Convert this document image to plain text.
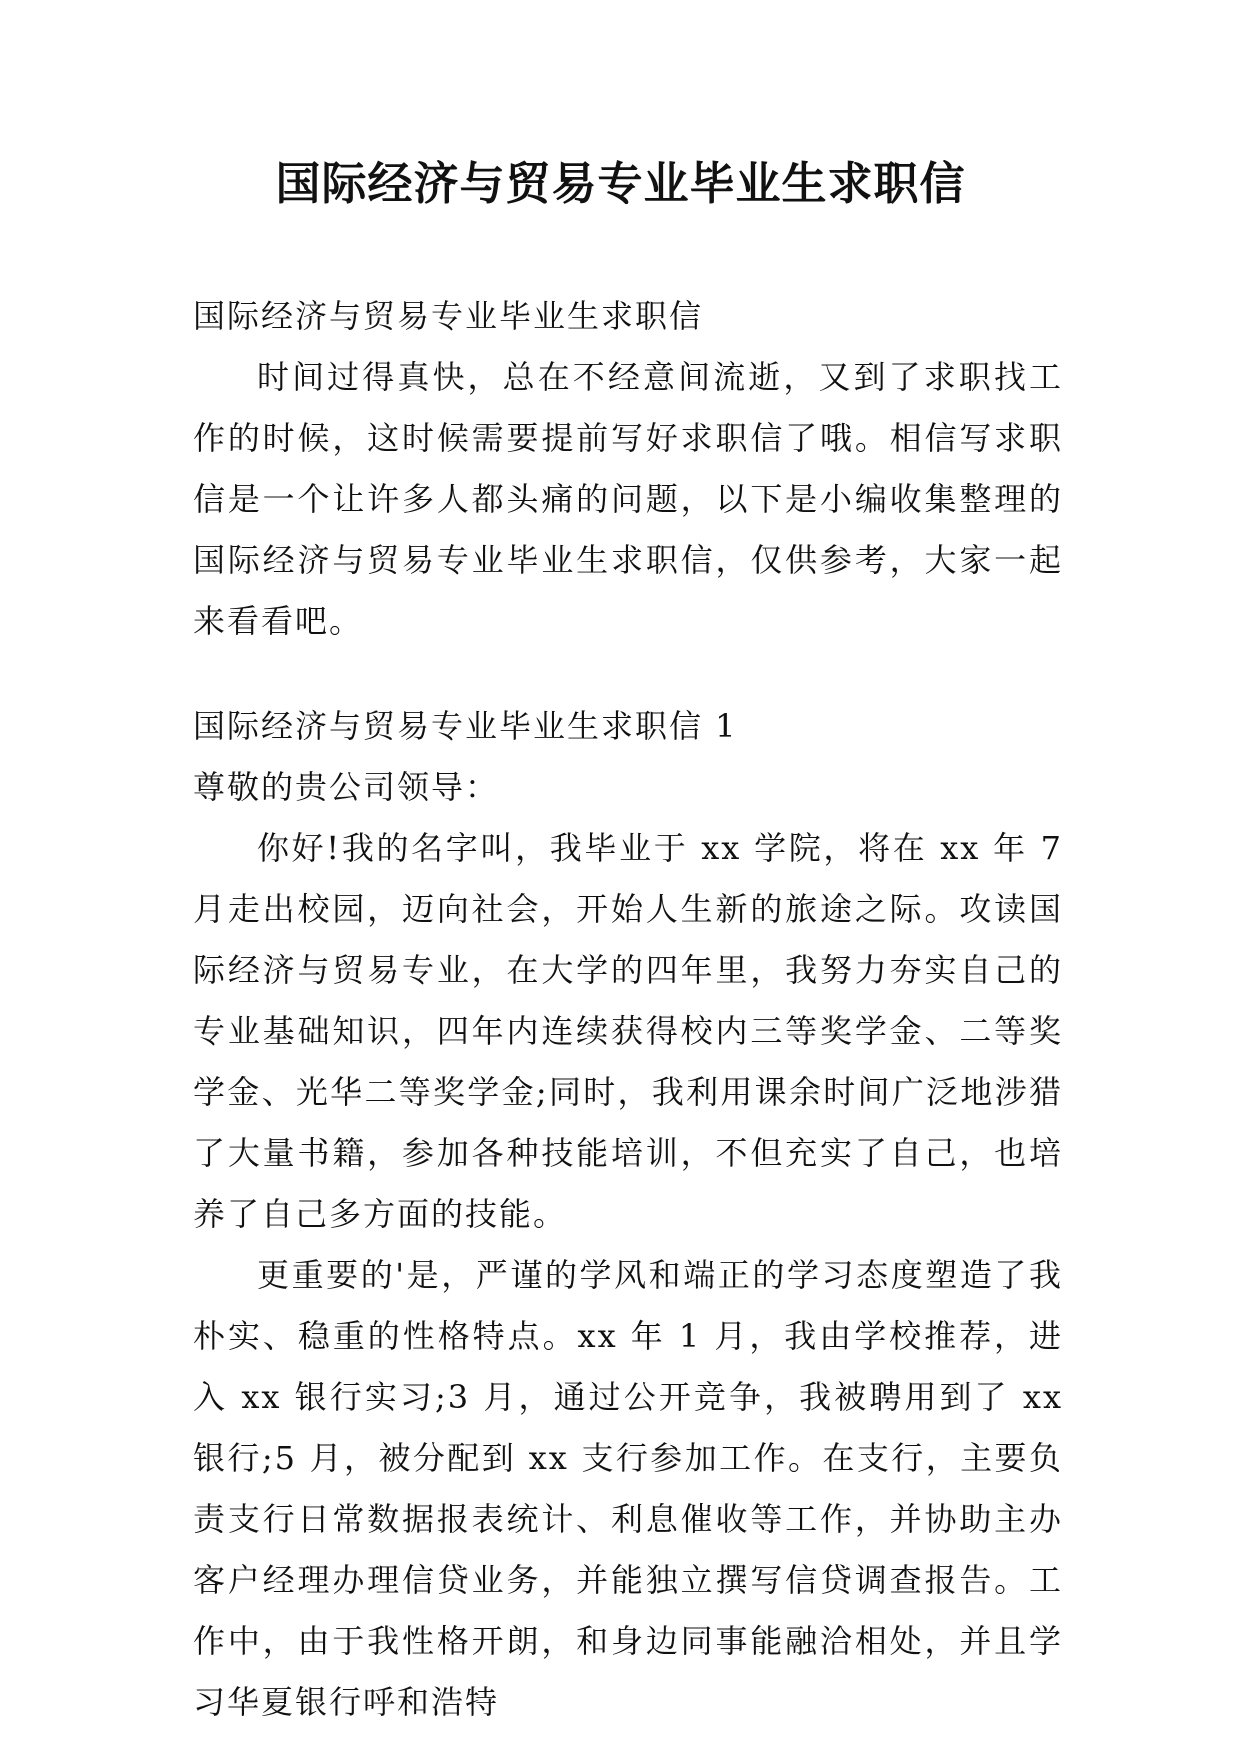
国际经济与贸易专业毕业生求职信

国际经济与贸易专业毕业生求职信

时间过得真快，总在不经意间流逝，又到了求职找工作的时候，这时候需要提前写好求职信了哦。相信写求职信是一个让许多人都头痛的问题，以下是小编收集整理的国际经济与贸易专业毕业生求职信，仅供参考，大家一起来看看吧。

国际经济与贸易专业毕业生求职信 1

尊敬的贵公司领导：

你好!我的名字叫，我毕业于 xx 学院，将在 xx 年 7 月走出校园，迈向社会，开始人生新的旅途之际。攻读国际经济与贸易专业，在大学的四年里，我努力夯实自己的专业基础知识，四年内连续获得校内三等奖学金、二等奖学金、光华二等奖学金;同时，我利用课余时间广泛地涉猎了大量书籍，参加各种技能培训，不但充实了自己，也培养了自己多方面的技能。

更重要的'是，严谨的学风和端正的学习态度塑造了我朴实、稳重的性格特点。xx 年 1 月，我由学校推荐，进入 xx 银行实习;3 月，通过公开竞争，我被聘用到了 xx 银行;5 月，被分配到 xx 支行参加工作。在支行，主要负责支行日常数据报表统计、利息催收等工作，并协助主办客户经理办理信贷业务，并能独立撰写信贷调查报告。工作中，由于我性格开朗，和身边同事能融洽相处，并且学习华夏银行呼和浩特
